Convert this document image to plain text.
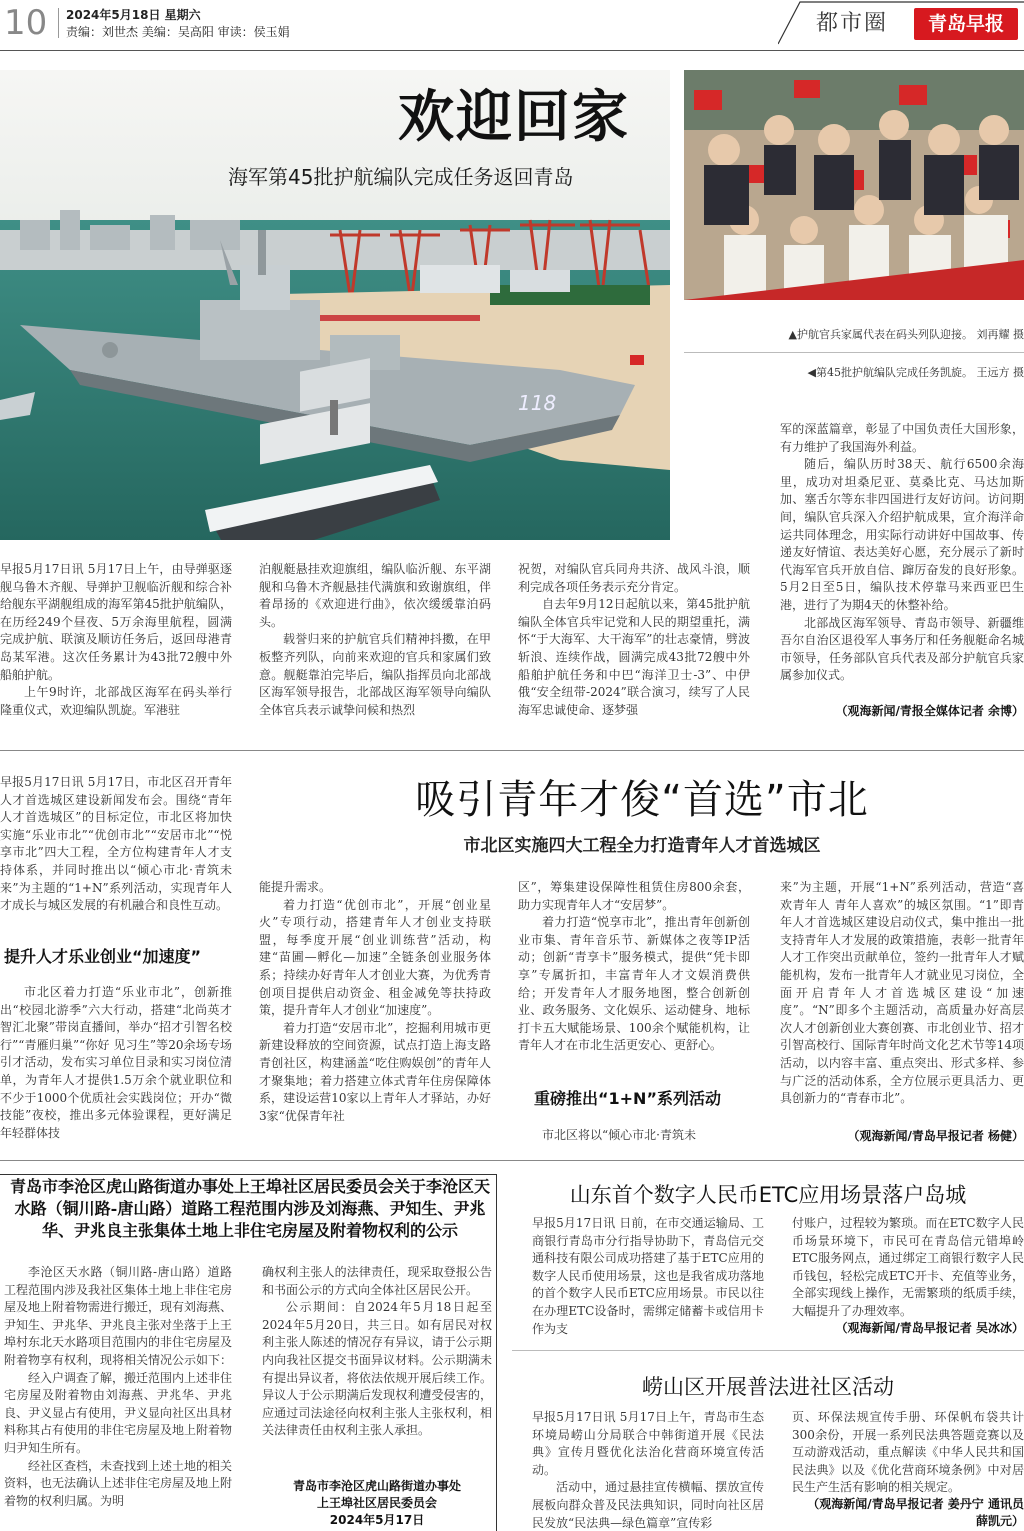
10 2024年5月18日 星期六
责编：刘世杰 美编：吴高阳 审读：侯玉娟	都市圈	青岛早报
118
欢迎回家
海军第45批护航编队完成任务返回青岛
▲护航官兵家属代表在码头列队迎接。 刘再耀 摄
◀第45批护航编队完成任务凯旋。 王远方 摄

军的深蓝篇章，彰显了中国负责任大国形象，有力维护了我国海外利益。

随后，编队历时38天、航行6500余海里，成功对坦桑尼亚、莫桑比克、马达加斯加、塞舌尔等东非四国进行友好访问。访问期间，编队官兵深入介绍护航成果，宣介海洋命运共同体理念，用实际行动讲好中国故事、传递友好情谊、表达美好心愿，充分展示了新时代海军官兵开放自信、蹿厉奋发的良好形象。5月2日至5日，编队技术停靠马来西亚巴生港，进行了为期4天的休整补给。

北部战区海军领导、青岛市领导、新疆维吾尔自治区退役军人事务厅和任务舰艇命名城市领导，任务部队官兵代表及部分护航官兵家属参加仪式。

早报5月17日讯 5月17日上午，由导弹驱逐舰乌鲁木齐舰、导弹护卫舰临沂舰和综合补给舰东平湖舰组成的海军第45批护航编队，在历经249个昼夜、5万余海里航程，圆满完成护航、联演及顺访任务后，返回母港青岛某军港。这次任务累计为43批72艘中外船舶护航。

上午9时许，北部战区海军在码头举行隆重仪式，欢迎编队凯旋。军港驻

泊舰艇悬挂欢迎旗组，编队临沂舰、东平湖舰和乌鲁木齐舰悬挂代满旗和致谢旗组，伴着昂扬的《欢迎进行曲》，依次缓缓靠泊码头。

载誉归来的护航官兵们精神抖擞，在甲板整齐列队，向前来欢迎的官兵和家属们致意。舰艇靠泊完毕后，编队指挥员向北部战区海军领导报告，北部战区海军领导向编队全体官兵表示诚挚问候和热烈

祝贺，对编队官兵同舟共济、战风斗浪，顺利完成各项任务表示充分肯定。

自去年9月12日起航以来，第45批护航编队全体官兵牢记党和人民的期望重托，满怀“于大海军、大干海军”的壮志豪情，劈波斩浪、连续作战，圆满完成43批72艘中外船舶护航任务和中巴“海洋卫士-3”、中伊俄“安全纽带-2024”联合演习，续写了人民海军忠诚使命、逐梦强	（观海新闻/青报全媒体记者 余博）
吸引青年才俊“首选”市北
市北区实施四大工程全力打造青年人才首选城区

早报5月17日讯 5月17日，市北区召开青年人才首选城区建设新闻发布会。围绕“青年人才首选城区”的目标定位，市北区将加快实施“乐业市北”“优创市北”“安居市北”“悦享市北”四大工程，全方位构建青年人才支持体系，并同时推出以“倾心市北·青筑未来”为主题的“1+N”系列活动，实现青年人才成长与城区发展的有机融合和良性互动。

提升人才乐业创业“加速度”

市北区着力打造“乐业市北”，创新推出“校园北游季”六大行动，搭建“北尚英才 智汇北聚”带岗直播间，举办“招才引智名校行”“青雁归巢”“你好 见习生”等20余场专场引才活动，发布实习单位目录和实习岗位清单，为青年人才提供1.5万余个就业职位和不少于1000个优质社会实践岗位；开办“微技能”夜校，推出多元体验课程，更好满足年轻群体技

能提升需求。

着力打造“优创市北”，开展“创业星火”专项行动，搭建青年人才创业支持联盟，每季度开展“创业训练营”活动，构建“苗圃—孵化—加速”全链条创业服务体系；持续办好青年人才创业大赛，为优秀青创项目提供启动资金、租金减免等扶持政策，提升青年人才创业“加速度”。

着力打造“安居市北”，挖掘利用城市更新建设释放的空间资源，试点打造上海支路青创社区，构建涵盖“吃住购娱创”的青年人才聚集地；着力搭建立体式青年住房保障体系，建设运营10家以上青年人才驿站，办好3家“优保青年社

区”，筹集建设保障性租赁住房800余套，助力实现青年人才“安居梦”。

着力打造“悦享市北”，推出青年创新创业市集、青年音乐节、新媒体之夜等IP活动；创新“青享卡”服务模式，提供“凭卡即享”专属折扣，丰富青年人才文娱消费供给；开发青年人才服务地图，整合创新创业、政务服务、文化娱乐、运动健身、地标打卡五大赋能场景、100余个赋能机构，让青年人才在市北生活更安心、更舒心。

重磅推出“1+N”系列活动

市北区将以“倾心市北·青筑未

来”为主题，开展“1+N”系列活动，营造“喜欢青年人 青年人喜欢”的城区氛围。“1”即青年人才首选城区建设启动仪式，集中推出一批支持青年人才发展的政策措施，表彰一批青年人才工作突出贡献单位，签约一批青年人才赋能机构，发布一批青年人才就业见习岗位，全面开启青年人才首选城区建设“加速度”。“N”即多个主题活动，高质量办好高层次人才创新创业大赛创赛、市北创业节、招才引智高校行、国际青年时尚文化艺术节等14项活动，以内容丰富、重点突出、形式多样、参与广泛的活动体系，全方位展示更具活力、更具创新力的“青春市北”。

（观海新闻/青岛早报记者 杨健）
青岛市李沧区虎山路街道办事处上王埠社区居民委员会关于李沧区天水路（铜川路-唐山路）道路工程范围内涉及刘海燕、尹知生、尹兆华、尹兆良主张集体土地上非住宅房屋及附着物权利的公示

李沧区天水路（铜川路-唐山路）道路工程范围内涉及我社区集体土地上非住宅房屋及地上附着物需进行搬迁，现有刘海燕、尹知生、尹兆华、尹兆良主张对坐落于上王埠村东北天水路项目范围内的非住宅房屋及附着物享有权利，现将相关情况公示如下：

经入户调查了解，搬迁范围内上述非住宅房屋及附着物由刘海燕、尹兆华、尹兆良、尹义显占有使用，尹义显向社区出具材料称其占有使用的非住宅房屋及地上附着物归尹知生所有。

经社区查档，未查找到上述土地的相关资料，也无法确认上述非住宅房屋及地上附着物的权利归属。为明

确权利主张人的法律责任，现采取登报公告和书面公示的方式向全体社区居民公开。

公示期间：自2024年5月18日起至2024年5月20日，共三日。如有居民对权利主张人陈述的情况存有异议，请于公示期内向我社区提交书面异议材料。公示期满未有提出异议者，将依法依规开展后续工作。异议人于公示期满后发现权利遭受侵害的，应通过司法途径向权利主张人主张权利，相关法律责任由权利主张人承担。

青岛市李沧区虎山路街道办事处
上王埠社区居民委员会
2024年5月17日
山东首个数字人民币ETC应用场景落户岛城

早报5月17日讯 日前，在市交通运输局、工商银行青岛市分行指导协助下，青岛信元交通科技有限公司成功搭建了基于ETC应用的数字人民币使用场景，这也是我省成功落地的首个数字人民币ETC应用场景。市民以往在办理ETC设备时，需绑定储蓄卡或信用卡作为支

付账户，过程较为繁琐。而在ETC数字人民币场景环境下，市民可在青岛信元错埠岭ETC服务网点，通过绑定工商银行数字人民币钱包，轻松完成ETC开卡、充值等业务，全部实现线上操作，无需繁琐的纸质手续，大幅提升了办理效率。

（观海新闻/青岛早报记者 吴冰冰）
崂山区开展普法进社区活动

早报5月17日讯 5月17日上午，青岛市生态环境局崂山分局联合中韩街道开展《民法典》宣传月暨优化法治化营商环境宣传活动。

活动中，通过悬挂宣传横幅、摆放宣传展板向群众普及民法典知识，同时向社区居民发放“民法典—绿色篇章”宣传彩

页、环保法规宣传手册、环保帆布袋共计300余份，开展一系列民法典答题竞赛以及互动游戏活动，重点解读《中华人民共和国民法典》以及《优化营商环境条例》中对居民生产生活有影响的相关规定。

（观海新闻/青岛早报记者 姜丹宁 通讯员 薛凯元）
